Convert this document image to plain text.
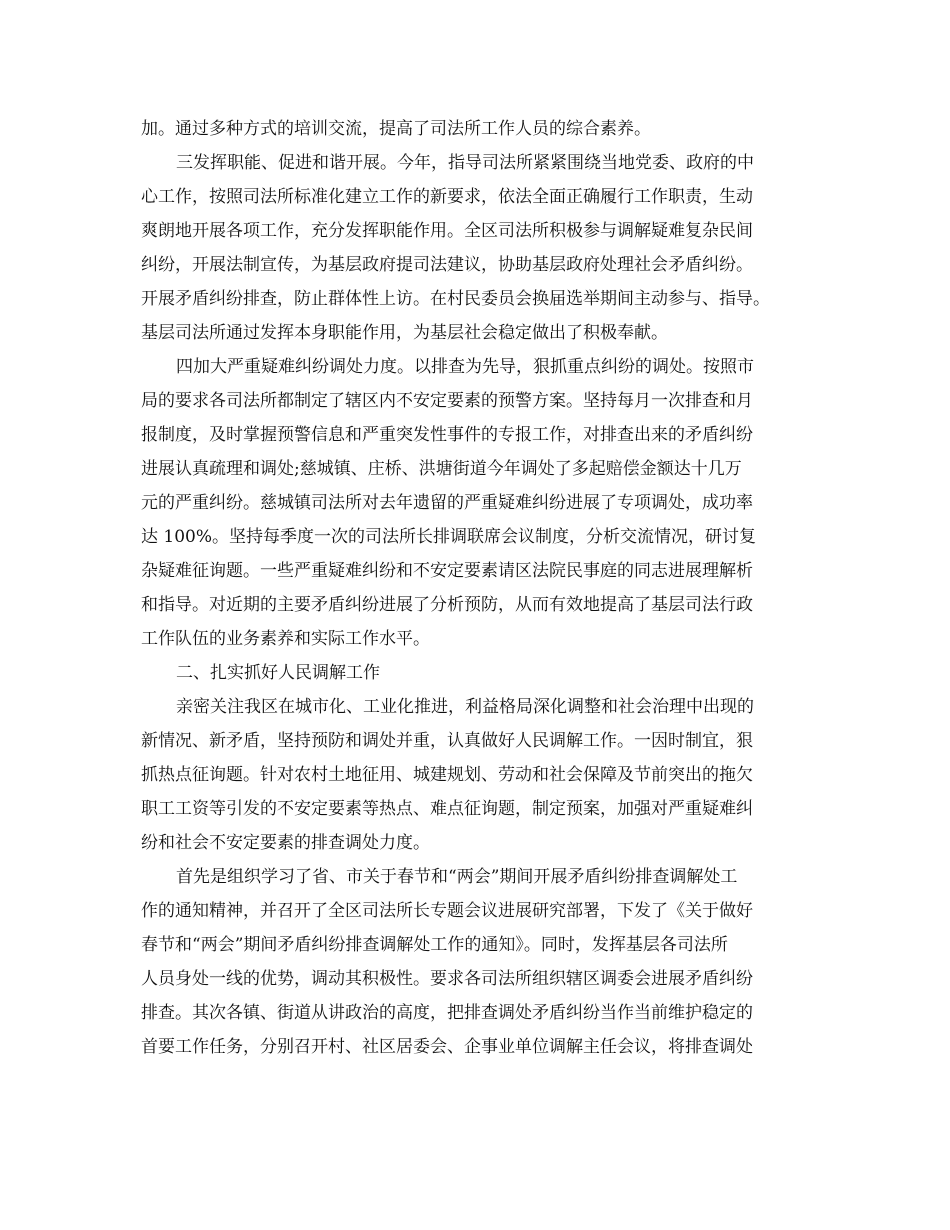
加。通过多种方式的培训交流，提高了司法所工作人员的综合素养。
三发挥职能、促进和谐开展。今年，指导司法所紧紧围绕当地党委、政府的中
心工作，按照司法所标准化建立工作的新要求，依法全面正确履行工作职责，生动
爽朗地开展各项工作，充分发挥职能作用。全区司法所积极参与调解疑难复杂民间
纠纷，开展法制宣传，为基层政府提司法建议，协助基层政府处理社会矛盾纠纷。
开展矛盾纠纷排查，防止群体性上访。在村民委员会换届选举期间主动参与、指导。
基层司法所通过发挥本身职能作用，为基层社会稳定做出了积极奉献。
四加大严重疑难纠纷调处力度。以排查为先导，狠抓重点纠纷的调处。按照市
局的要求各司法所都制定了辖区内不安定要素的预警方案。坚持每月一次排查和月
报制度，及时掌握预警信息和严重突发性事件的专报工作，对排查出来的矛盾纠纷
进展认真疏理和调处;慈城镇、庄桥、洪塘街道今年调处了多起赔偿金额达十几万
元的严重纠纷。慈城镇司法所对去年遗留的严重疑难纠纷进展了专项调处，成功率
达 100%。坚持每季度一次的司法所长排调联席会议制度，分析交流情况，研讨复
杂疑难征询题。一些严重疑难纠纷和不安定要素请区法院民事庭的同志进展理解析
和指导。对近期的主要矛盾纠纷进展了分析预防，从而有效地提高了基层司法行政
工作队伍的业务素养和实际工作水平。
二、扎实抓好人民调解工作
亲密关注我区在城市化、工业化推进，利益格局深化调整和社会治理中出现的
新情况、新矛盾，坚持预防和调处并重，认真做好人民调解工作。一因时制宜，狠
抓热点征询题。针对农村土地征用、城建规划、劳动和社会保障及节前突出的拖欠
职工工资等引发的不安定要素等热点、难点征询题，制定预案，加强对严重疑难纠
纷和社会不安定要素的排查调处力度。
首先是组织学习了省、市关于春节和“两会”期间开展矛盾纠纷排查调解处工
作的通知精神，并召开了全区司法所长专题会议进展研究部署，下发了《关于做好
春节和“两会”期间矛盾纠纷排查调解处工作的通知》。同时，发挥基层各司法所
人员身处一线的优势，调动其积极性。要求各司法所组织辖区调委会进展矛盾纠纷
排查。其次各镇、街道从讲政治的高度，把排查调处矛盾纠纷当作当前维护稳定的
首要工作任务，分别召开村、社区居委会、企事业单位调解主任会议，将排查调处
